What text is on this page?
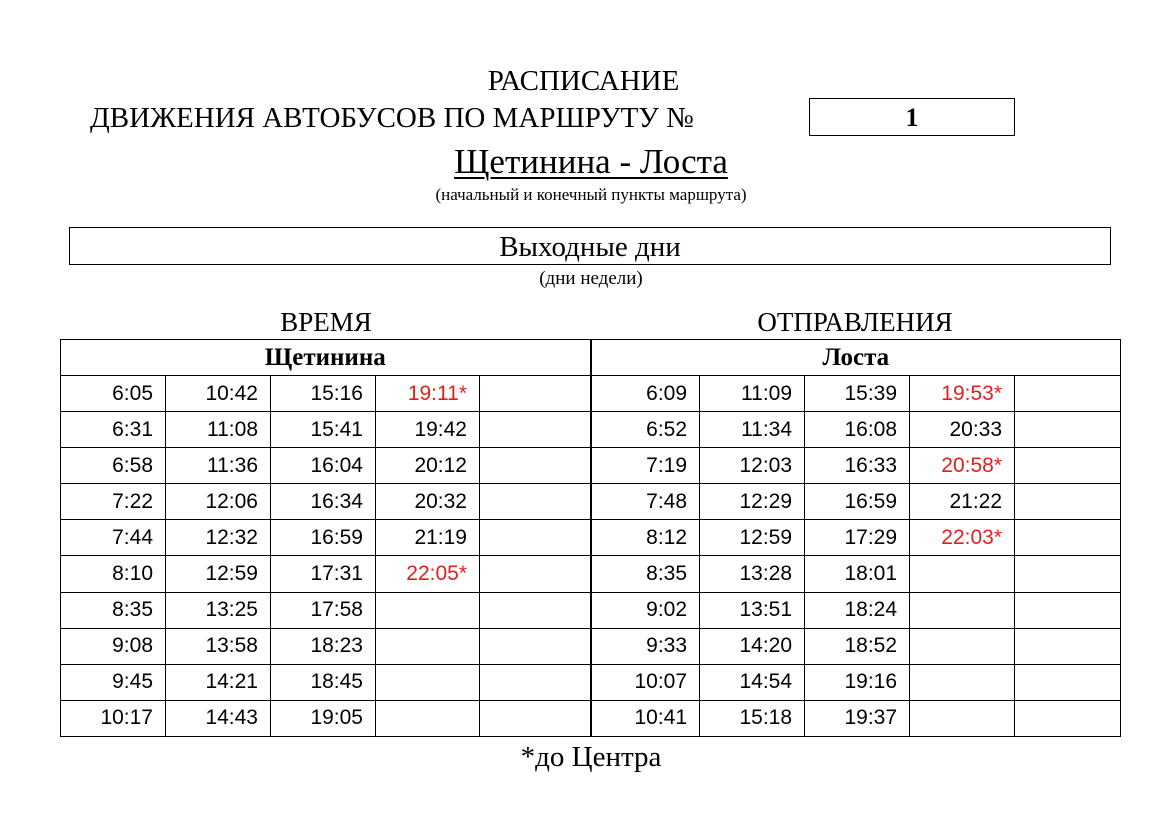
РАСПИСАНИЕ
ДВИЖЕНИЯ АВТОБУСОВ ПО МАРШРУТУ №	1
Щетинина - Лоста
(начальный и конечный пункты маршрута)
Выходные дни
(дни недели)
ВРЕМЯ	ОТПРАВЛЕНИЯ
Щетинина					Лоста				
6:05	10:42	15:16	19:11*		6:09	11:09	15:39	19:53*	
6:31	11:08	15:41	19:42		6:52	11:34	16:08	20:33	
6:58	11:36	16:04	20:12		7:19	12:03	16:33	20:58*	
7:22	12:06	16:34	20:32		7:48	12:29	16:59	21:22	
7:44	12:32	16:59	21:19		8:12	12:59	17:29	22:03*	
8:10	12:59	17:31	22:05*		8:35	13:28	18:01		
8:35	13:25	17:58			9:02	13:51	18:24		
9:08	13:58	18:23			9:33	14:20	18:52		
9:45	14:21	18:45			10:07	14:54	19:16		
10:17	14:43	19:05			10:41	15:18	19:37		
*до Центра
